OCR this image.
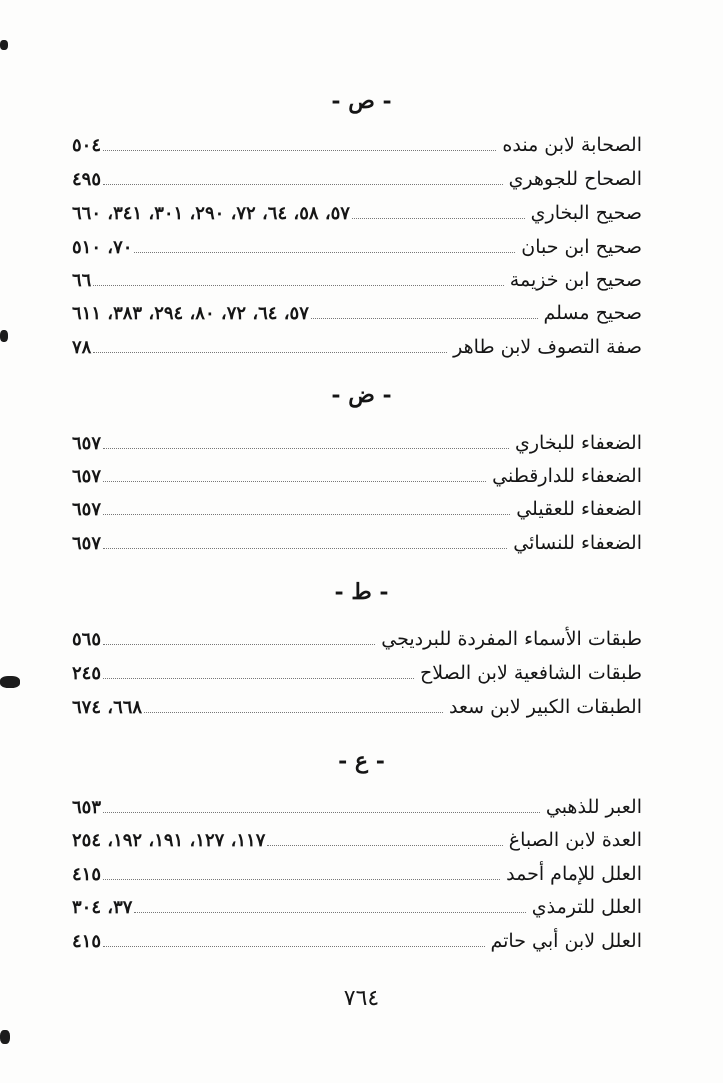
- ص -
الصحابة لابن منده
٥٠٤
الصحاح للجوهري
٤٩٥
صحيح البخاري
٥٧، ٥٨، ٦٤، ٧٢، ٢٩٠، ٣٠١، ٣٤١، ٦٦٠
صحيح ابن حبان
٧٠، ٥١٠
صحيح ابن خزيمة
٦٦
صحيح مسلم
٥٧، ٦٤، ٧٢، ٨٠، ٢٩٤، ٣٨٣، ٦١١
صفة التصوف لابن طاهر
٧٨
- ض -
الضعفاء للبخاري
٦٥٧
الضعفاء للدارقطني
٦٥٧
الضعفاء للعقيلي
٦٥٧
الضعفاء للنسائي
٦٥٧
- ط -
طبقات الأسماء المفردة للبرديجي
٥٦٥
طبقات الشافعية لابن الصلاح
٢٤٥
الطبقات الكبير لابن سعد
٦٦٨، ٦٧٤
- ع -
العبر للذهبي
٦٥٣
العدة لابن الصباغ
١١٧، ١٢٧، ١٩١، ١٩٢، ٢٥٤
العلل للإمام أحمد
٤١٥
العلل للترمذي
٣٧، ٣٠٤
العلل لابن أبي حاتم
٤١٥
٧٦٤
